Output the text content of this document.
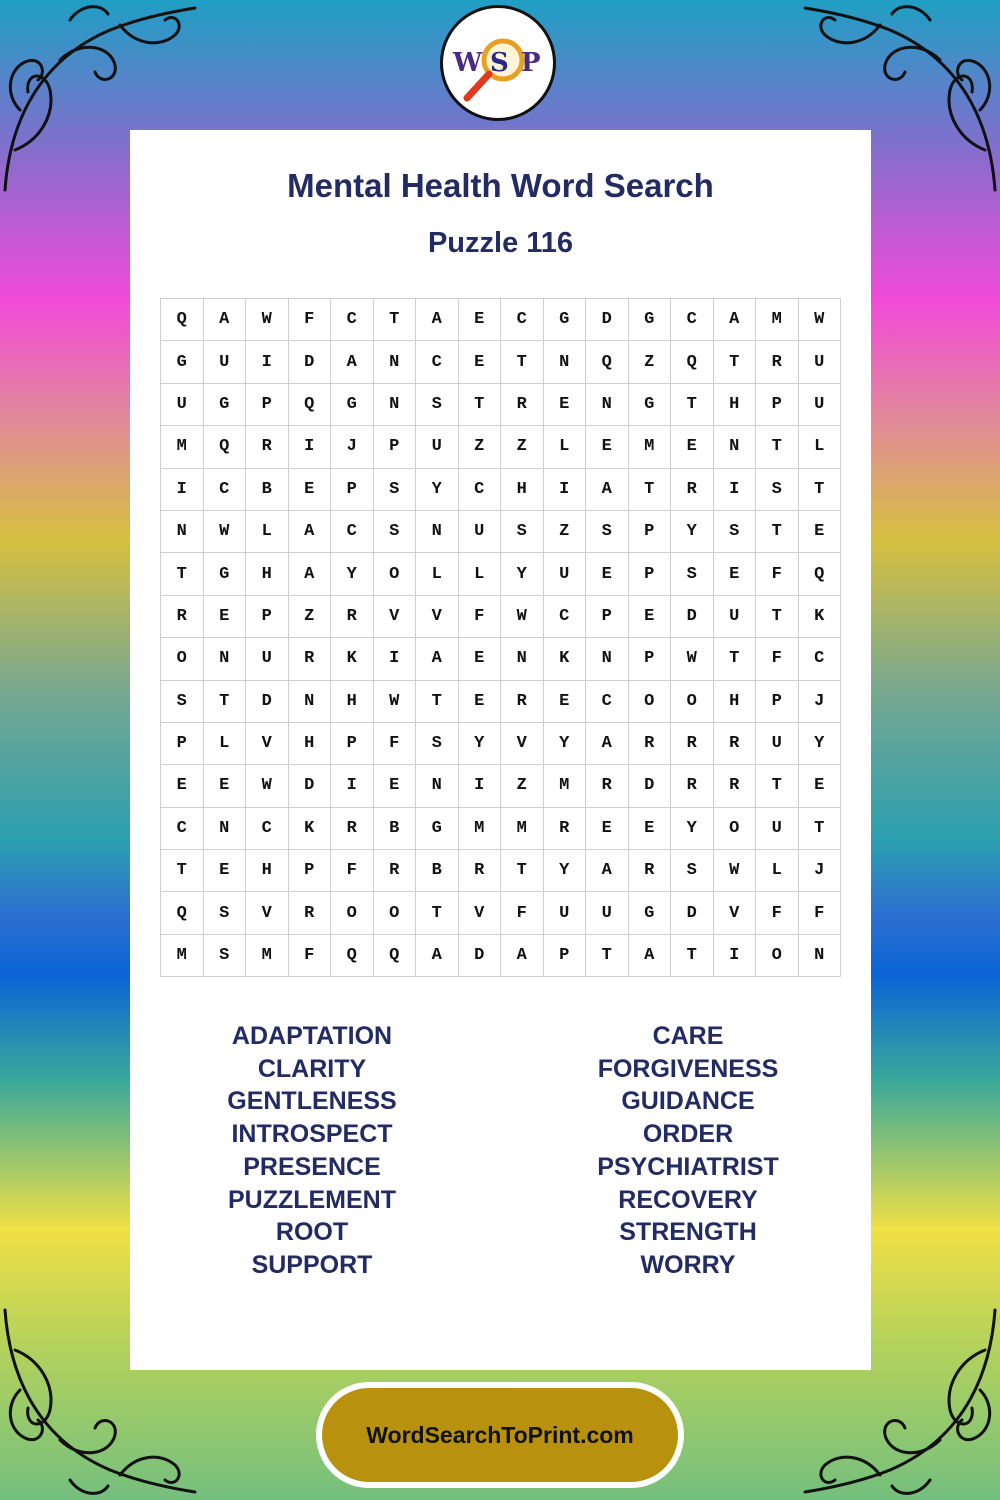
Mental Health Word Search
Puzzle 116
Q	A	W	F	C	T	A	E	C	G	D	G	C	A	M	W
G	U	I	D	A	N	C	E	T	N	Q	Z	Q	T	R	U
U	G	P	Q	G	N	S	T	R	E	N	G	T	H	P	U
M	Q	R	I	J	P	U	Z	Z	L	E	M	E	N	T	L
I	C	B	E	P	S	Y	C	H	I	A	T	R	I	S	T
N	W	L	A	C	S	N	U	S	Z	S	P	Y	S	T	E
T	G	H	A	Y	O	L	L	Y	U	E	P	S	E	F	Q
R	E	P	Z	R	V	V	F	W	C	P	E	D	U	T	K
O	N	U	R	K	I	A	E	N	K	N	P	W	T	F	C
S	T	D	N	H	W	T	E	R	E	C	O	O	H	P	J
P	L	V	H	P	F	S	Y	V	Y	A	R	R	R	U	Y
E	E	W	D	I	E	N	I	Z	M	R	D	R	R	T	E
C	N	C	K	R	B	G	M	M	R	E	E	Y	O	U	T
T	E	H	P	F	R	B	R	T	Y	A	R	S	W	L	J
Q	S	V	R	O	O	T	V	F	U	U	G	D	V	F	F
M	S	M	F	Q	Q	A	D	A	P	T	A	T	I	O	N
ADAPTATION
CLARITY
GENTLENESS
INTROSPECT
PRESENCE
PUZZLEMENT
ROOT
SUPPORT
CARE
FORGIVENESS
GUIDANCE
ORDER
PSYCHIATRIST
RECOVERY
STRENGTH
WORRY
W S P
WordSearchToPrint.com
